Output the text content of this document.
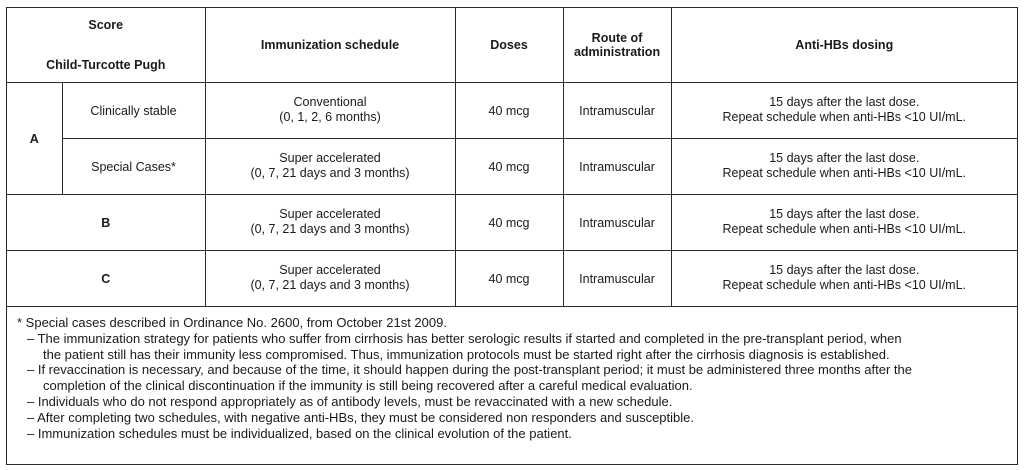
Score
Child-Turcotte Pugh		Immunization schedule	Doses	Route of
administration	Anti-HBs dosing
A	Clinically stable	Conventional
(0, 1, 2, 6 months)	40 mcg	Intramuscular	15 days after the last dose.
Repeat schedule when anti-HBs <10 UI/mL.

	Special Cases*	Super accelerated
(0, 7, 21 days and 3 months)	40 mcg	Intramuscular	15 days after the last dose.
Repeat schedule when anti-HBs <10 UI/mL.

B		Super accelerated
(0, 7, 21 days and 3 months)	40 mcg	Intramuscular	15 days after the last dose.
Repeat schedule when anti-HBs <10 UI/mL.

C		Super accelerated
(0, 7, 21 days and 3 months)	40 mcg	Intramuscular	15 days after the last dose.
Repeat schedule when anti-HBs <10 UI/mL.
* Special cases described in Ordinance No. 2600, from October 21st 2009.
– The immunization strategy for patients who suffer from cirrhosis has better serologic results if started and completed in the pre-transplant period, when
the patient still has their immunity less compromised. Thus, immunization protocols must be started right after the cirrhosis diagnosis is established.
– If revaccination is necessary, and because of the time, it should happen during the post-transplant period; it must be administered three months after the
completion of the clinical discontinuation if the immunity is still being recovered after a careful medical evaluation.
– Individuals who do not respond appropriately as of antibody levels, must be revaccinated with a new schedule.
– After completing two schedules, with negative anti-HBs, they must be considered non responders and susceptible.
– Immunization schedules must be individualized, based on the clinical evolution of the patient.
